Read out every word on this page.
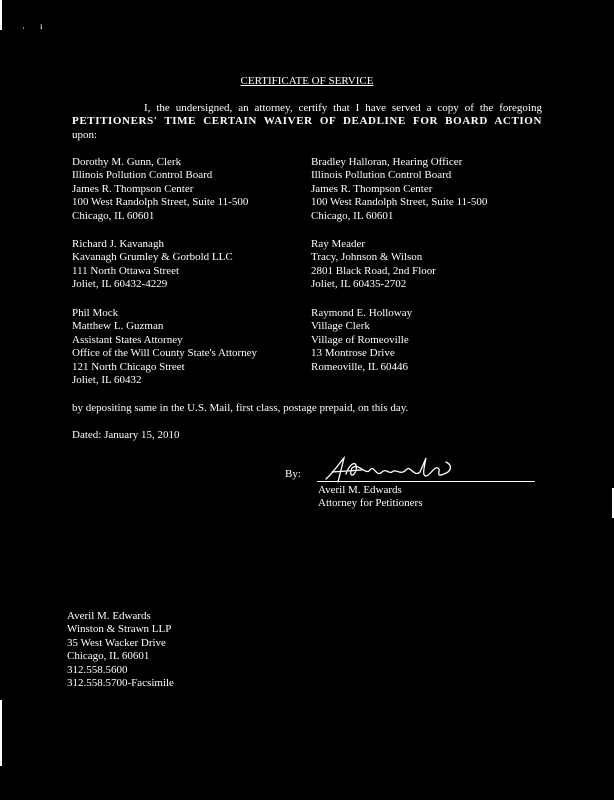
· ı
CERTIFICATE OF SERVICE
I, the undersigned, an attorney, certify that I have served a copy of the foregoing
PETITIONERS' TIME CERTAIN WAIVER OF DEADLINE FOR BOARD ACTION
upon:
Dorothy M. Gunn, Clerk
Illinois Pollution Control Board
James R. Thompson Center
100 West Randolph Street, Suite 11-500
Chicago, IL 60601
Bradley Halloran, Hearing Officer
Illinois Pollution Control Board
James R. Thompson Center
100 West Randolph Street, Suite 11-500
Chicago, IL 60601
Richard J. Kavanagh
Kavanagh Grumley & Gorbold LLC
111 North Ottawa Street
Joliet, IL 60432-4229
Ray Meader
Tracy, Johnson & Wilson
2801 Black Road, 2nd Floor
Joliet, IL 60435-2702
Phil Mock
Matthew L. Guzman
Assistant States Attorney
Office of the Will County State's Attorney
121 North Chicago Street
Joliet, IL 60432
Raymond E. Holloway
Village Clerk
Village of Romeoville
13 Montrose Drive
Romeoville, IL 60446
by depositing same in the U.S. Mail, first class, postage prepaid, on this day.
Dated: January 15, 2010
By:
Averil M. Edwards
Attorney for Petitioners
Averil M. Edwards
Winston & Strawn LLP
35 West Wacker Drive
Chicago, IL 60601
312.558.5600
312.558.5700-Facsimile
